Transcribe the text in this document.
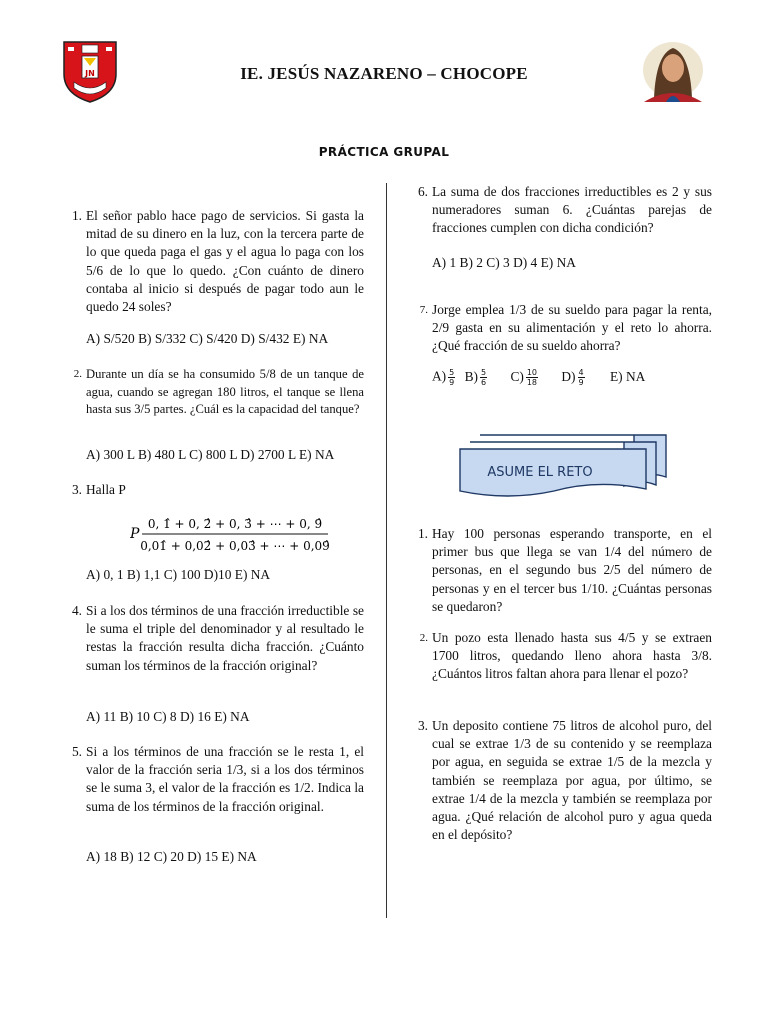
JN	IE. JESÚS NAZARENO – CHOCOPE
PRÁCTICA GRUPAL
1. El señor pablo hace pago de servicios. Si gasta la mitad de su dinero en la luz, con la tercera parte de lo que queda paga el gas y el agua lo paga con los 5/6 de lo que lo quedo. ¿Con cuánto de dinero contaba al inicio si después de pagar todo aun le quedo 24 soles?
A) S/520 B) S/332 C) S/420 D) S/432 E) NA
2. Durante un día se ha consumido 5/8 de un tanque de agua, cuando se agregan 180 litros, el tanque se llena hasta sus 3/5 partes. ¿Cuál es la capacidad del tanque?
A) 300 L B) 480 L C) 800 L D) 2700 L E) NA
3. Halla P
P
0, 1̂ + 0, 2̂ + 0, 3̂ + ⋯ + 0, 9̂
0,01̂ + 0,02̂ + 0,03̂ + ⋯ + 0,09̂
A) 0, 1 B) 1,1 C) 100 D)10 E) NA
4. Si a los dos términos de una fracción irreductible se le suma el triple del denominador y al resultado le restas la fracción resulta dicha fracción. ¿Cuánto suman los términos de la fracción original?
A) 11 B) 10 C) 8 D) 16 E) NA
5. Si a los términos de una fracción se le resta 1, el valor de la fracción seria 1/3, si a los dos términos se le suma 3, el valor de la fracción es 1/2. Indica la suma de los términos de la fracción original.
A) 18 B) 12 C) 20 D) 15 E) NA
6. La suma de dos fracciones irreductibles es 2 y sus numeradores suman 6. ¿Cuántas parejas de fracciones cumplen con dicha condición?
A) 1 B) 2 C) 3 D) 4 E) NA
7. Jorge emplea 1/3 de su sueldo para pagar la renta, 2/9 gasta en su alimentación y el reto lo ahorra. ¿Qué fracción de su sueldo ahorra?
$A) \frac{5}{9} B) \frac{5}{6} C) \frac{10}{18} D) \frac{4}{9} E$) NA
ASUME EL RETO
1. Hay 100 personas esperando transporte, en el primer bus que llega se van 1/4 del número de personas, en el segundo bus 2/5 del número de personas y en el tercer bus 1/10. ¿Cuántas personas se quedaron?
2. Un pozo esta llenado hasta sus 4/5 y se extraen 1700 litros, quedando lleno ahora hasta 3/8. ¿Cuántos litros faltan ahora para llenar el pozo?
3. Un deposito contiene 75 litros de alcohol puro, del cual se extrae 1/3 de su contenido y se reemplaza por agua, en seguida se extrae 1/5 de la mezcla y también se reemplaza por agua, por último, se extrae 1/4 de la mezcla y también se reemplaza por agua. ¿Qué relación de alcohol puro y agua queda en el depósito?
